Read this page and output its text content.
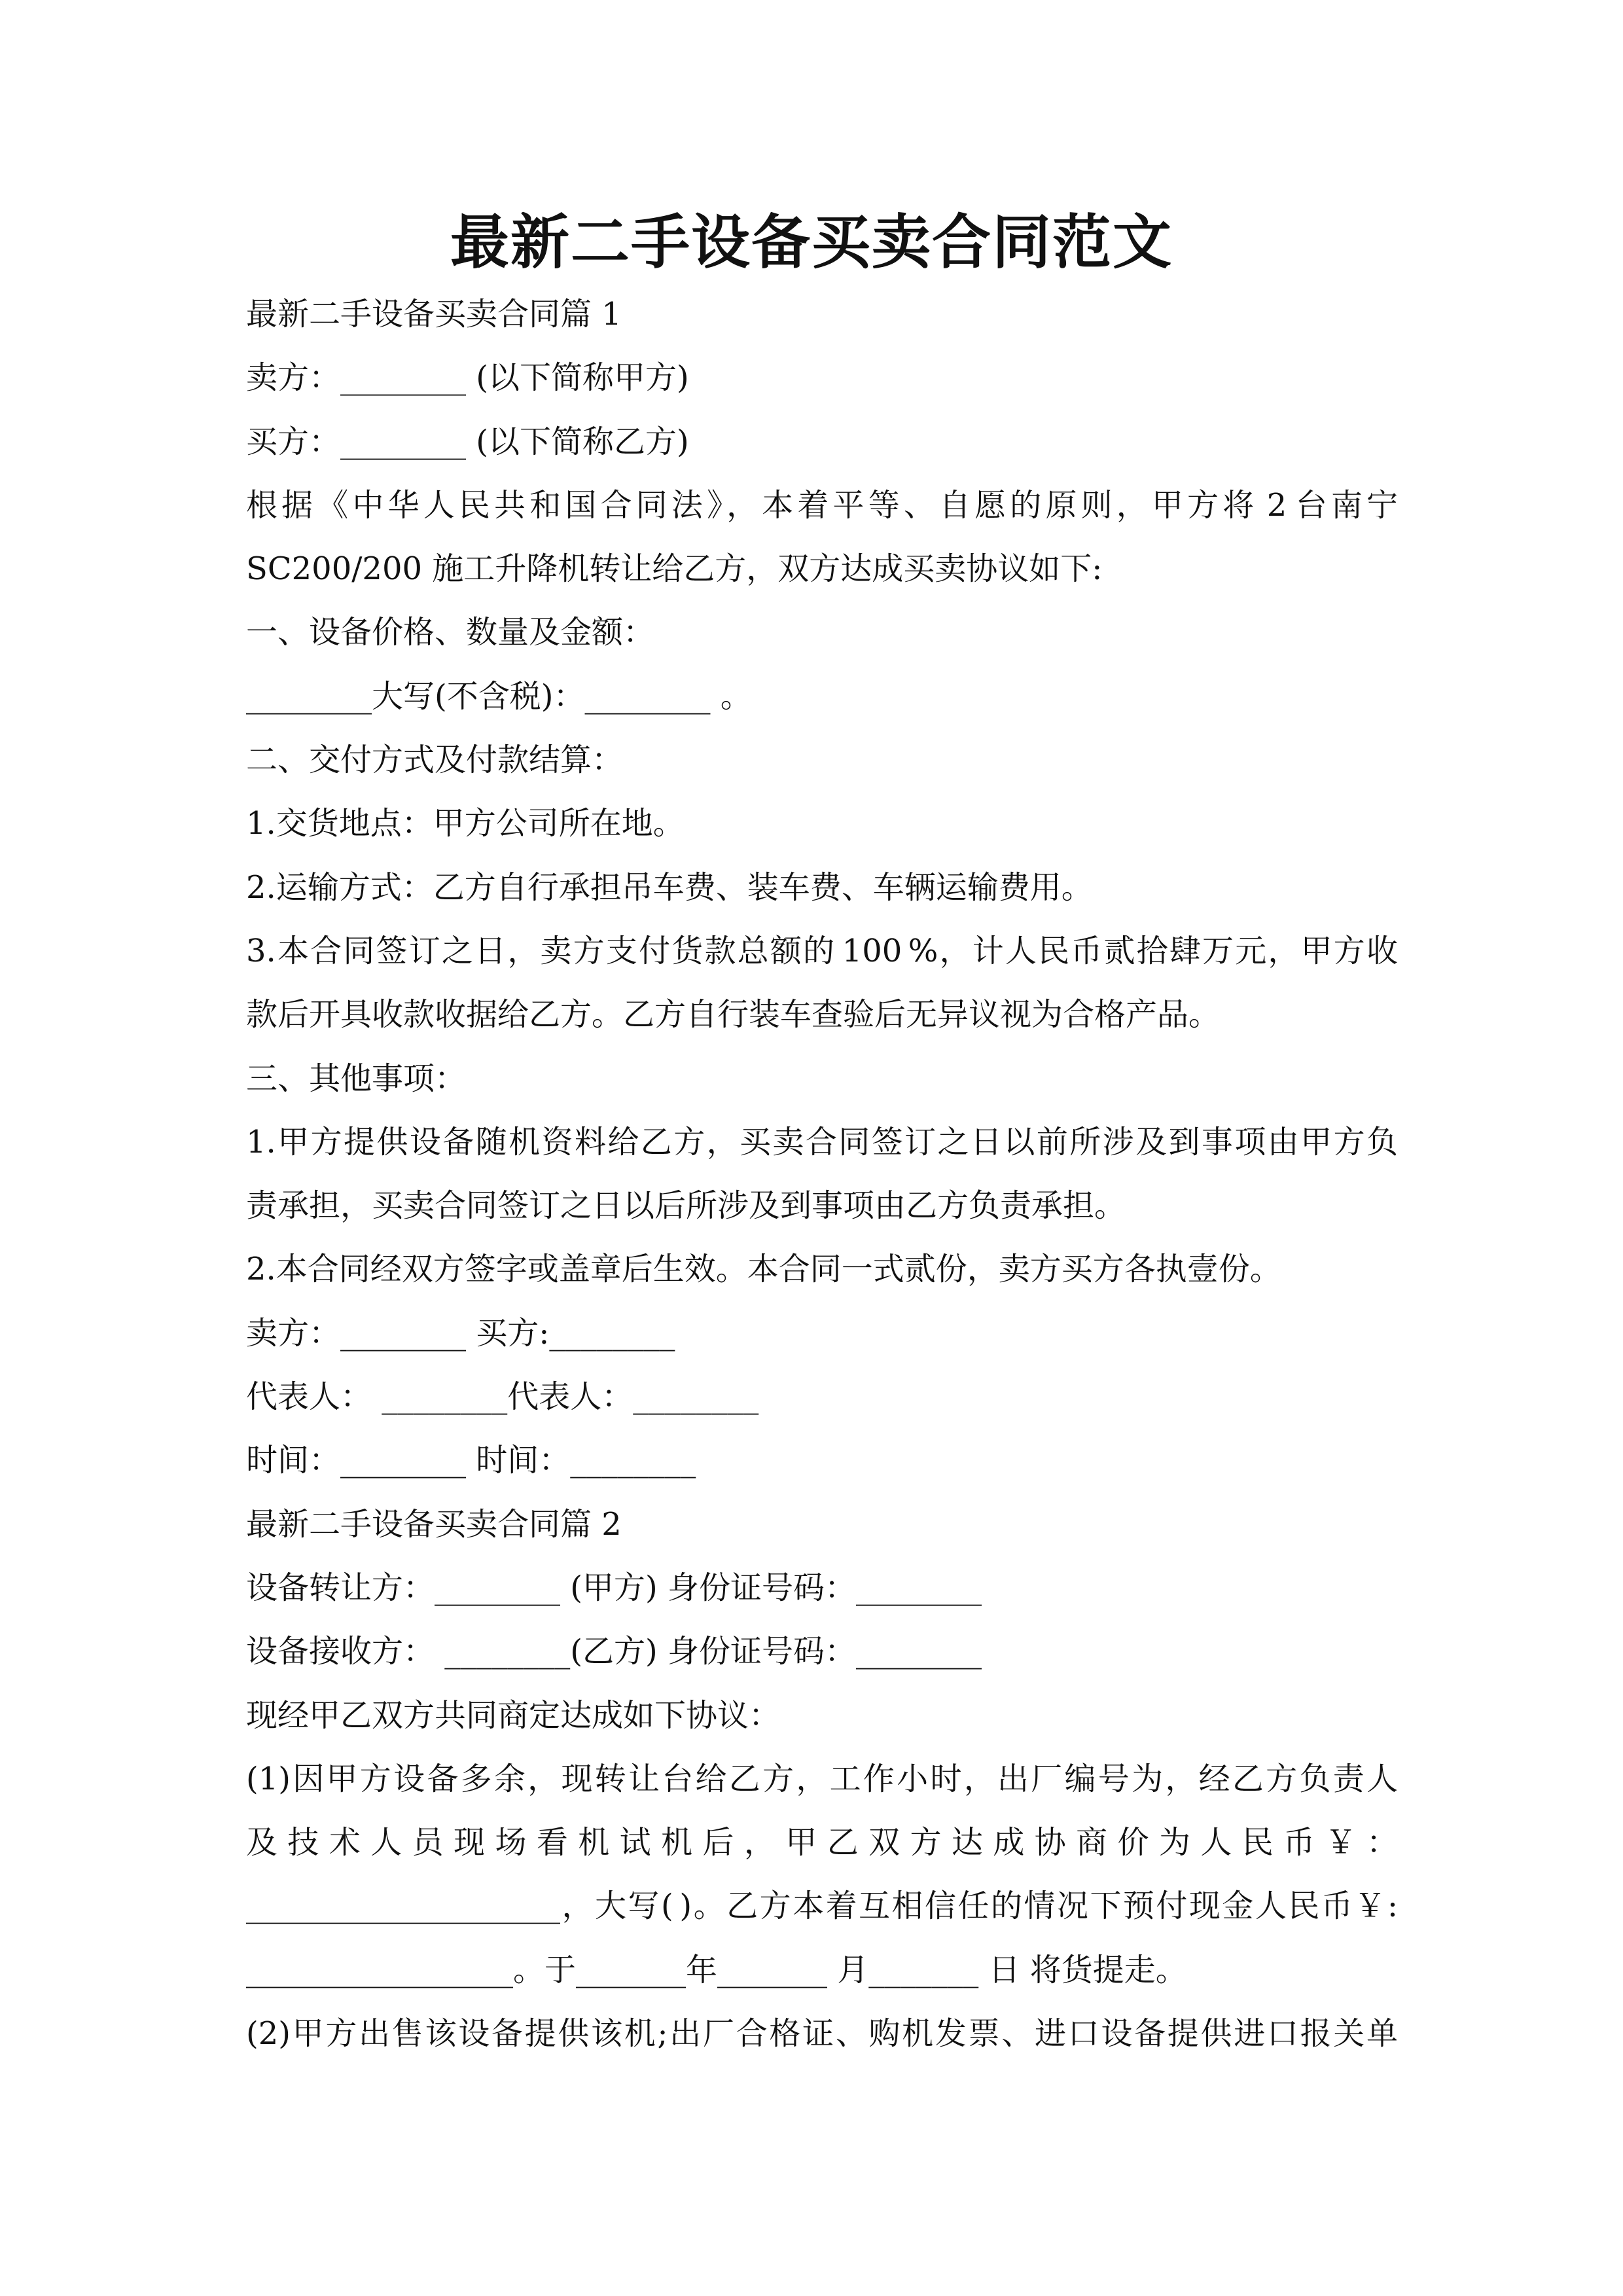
最新二手设备买卖合同范文
最新二手设备买卖合同篇 1
卖方：________ (以下简称甲方)
买方：________ (以下简称乙方)
根据《中华人民共和国合同法》，本着平等、自愿的原则，甲方将 2 台南宁
SC200/200 施工升降机转让给乙方，双方达成买卖协议如下:
一、设备价格、数量及金额：
________大写(不含税)：________ 。
二、交付方式及付款结算：
1.交货地点：甲方公司所在地。
2.运输方式：乙方自行承担吊车费、装车费、车辆运输费用。
3.本合同签订之日，卖方支付货款总额的 100 %，计人民币贰拾肆万元，甲方收
款后开具收款收据给乙方。乙方自行装车查验后无异议视为合格产品。
三、其他事项：
1.甲方提供设备随机资料给乙方，买卖合同签订之日以前所涉及到事项由甲方负
责承担，买卖合同签订之日以后所涉及到事项由乙方负责承担。
2.本合同经双方签字或盖章后生效。本合同一式贰份，卖方买方各执壹份。
卖方：________ 买方:________
代表人： ________代表人：________
时间：________ 时间：________
最新二手设备买卖合同篇 2
设备转让方：________ (甲方) 身份证号码：________
设备接收方： ________(乙方) 身份证号码：________
现经甲乙双方共同商定达成如下协议：
(1)因甲方设备多余，现转让台给乙方，工作小时，出厂编号为，经乙方负责人
及 技 术 人 员 现 场 看 机 试 机 后 ， 甲 乙 双 方 达 成 协 商 价 为 人 民 币 ￥ ：
____________________，大写( )。乙方本着互相信任的情况下预付现金人民币￥:
_________________。于_______年_______ 月_______ 日 将货提走。
(2)甲方出售该设备提供该机;出厂合格证、购机发票、进口设备提供进口报关单
